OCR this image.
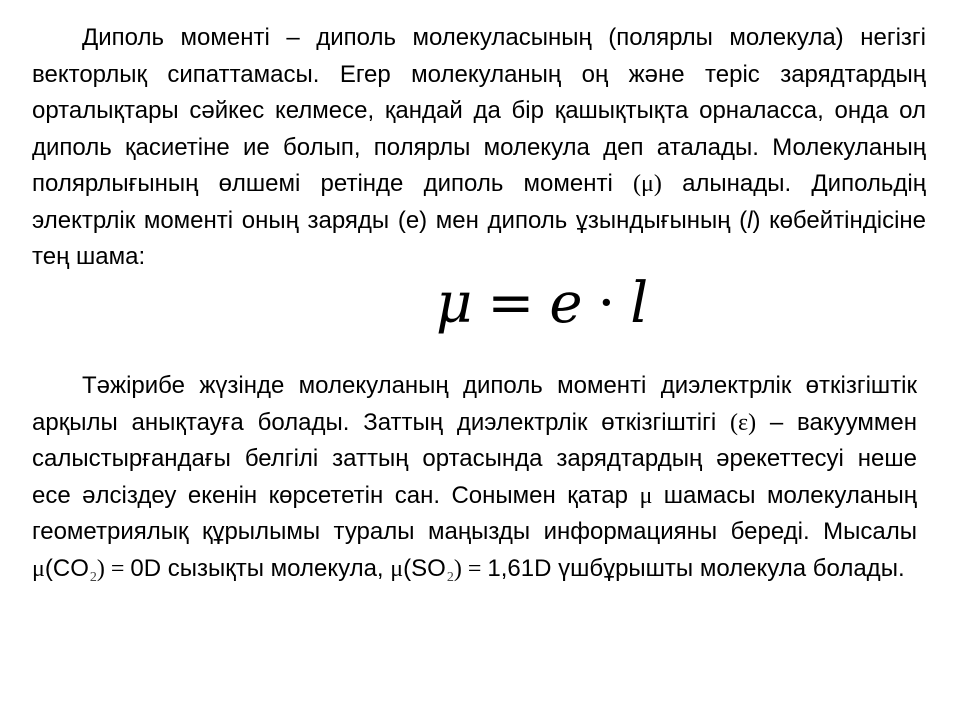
Диполь моменті – диполь молекуласының (полярлы молекула) негізгі векторлық сипаттамасы. Егер молекуланың оң және теріс зарядтардың орталықтары сәйкес келмесе, қандай да бір қашықтықта орналасса, онда ол диполь қасиетіне ие болып, полярлы молекула деп аталады. Молекуланың полярлығының өлшемі ретінде диполь моменті (μ) алынады. Дипольдің электрлік моменті оның заряды (е) мен диполь ұзындығының (l) көбейтіндісіне тең шама:

μ = e · l

Тәжірибе жүзінде молекуланың диполь моменті диэлектрлік өткізгіштік арқылы анықтауға болады. Заттың диэлектрлік өткізгіштігі (ε) – вакууммен салыстырғандағы белгілі заттың ортасында зарядтардың әрекеттесуі неше есе әлсіздеу екенін көрсететін сан. Сонымен қатар μ шамасы молекуланың геометриялық құрылымы туралы маңызды информацияны береді. Мысалы $\mu(CO_2) = 0D$ сызықты молекула, $\mu(SO_2) = 1,61D$ үшбұрышты молекула болады.
